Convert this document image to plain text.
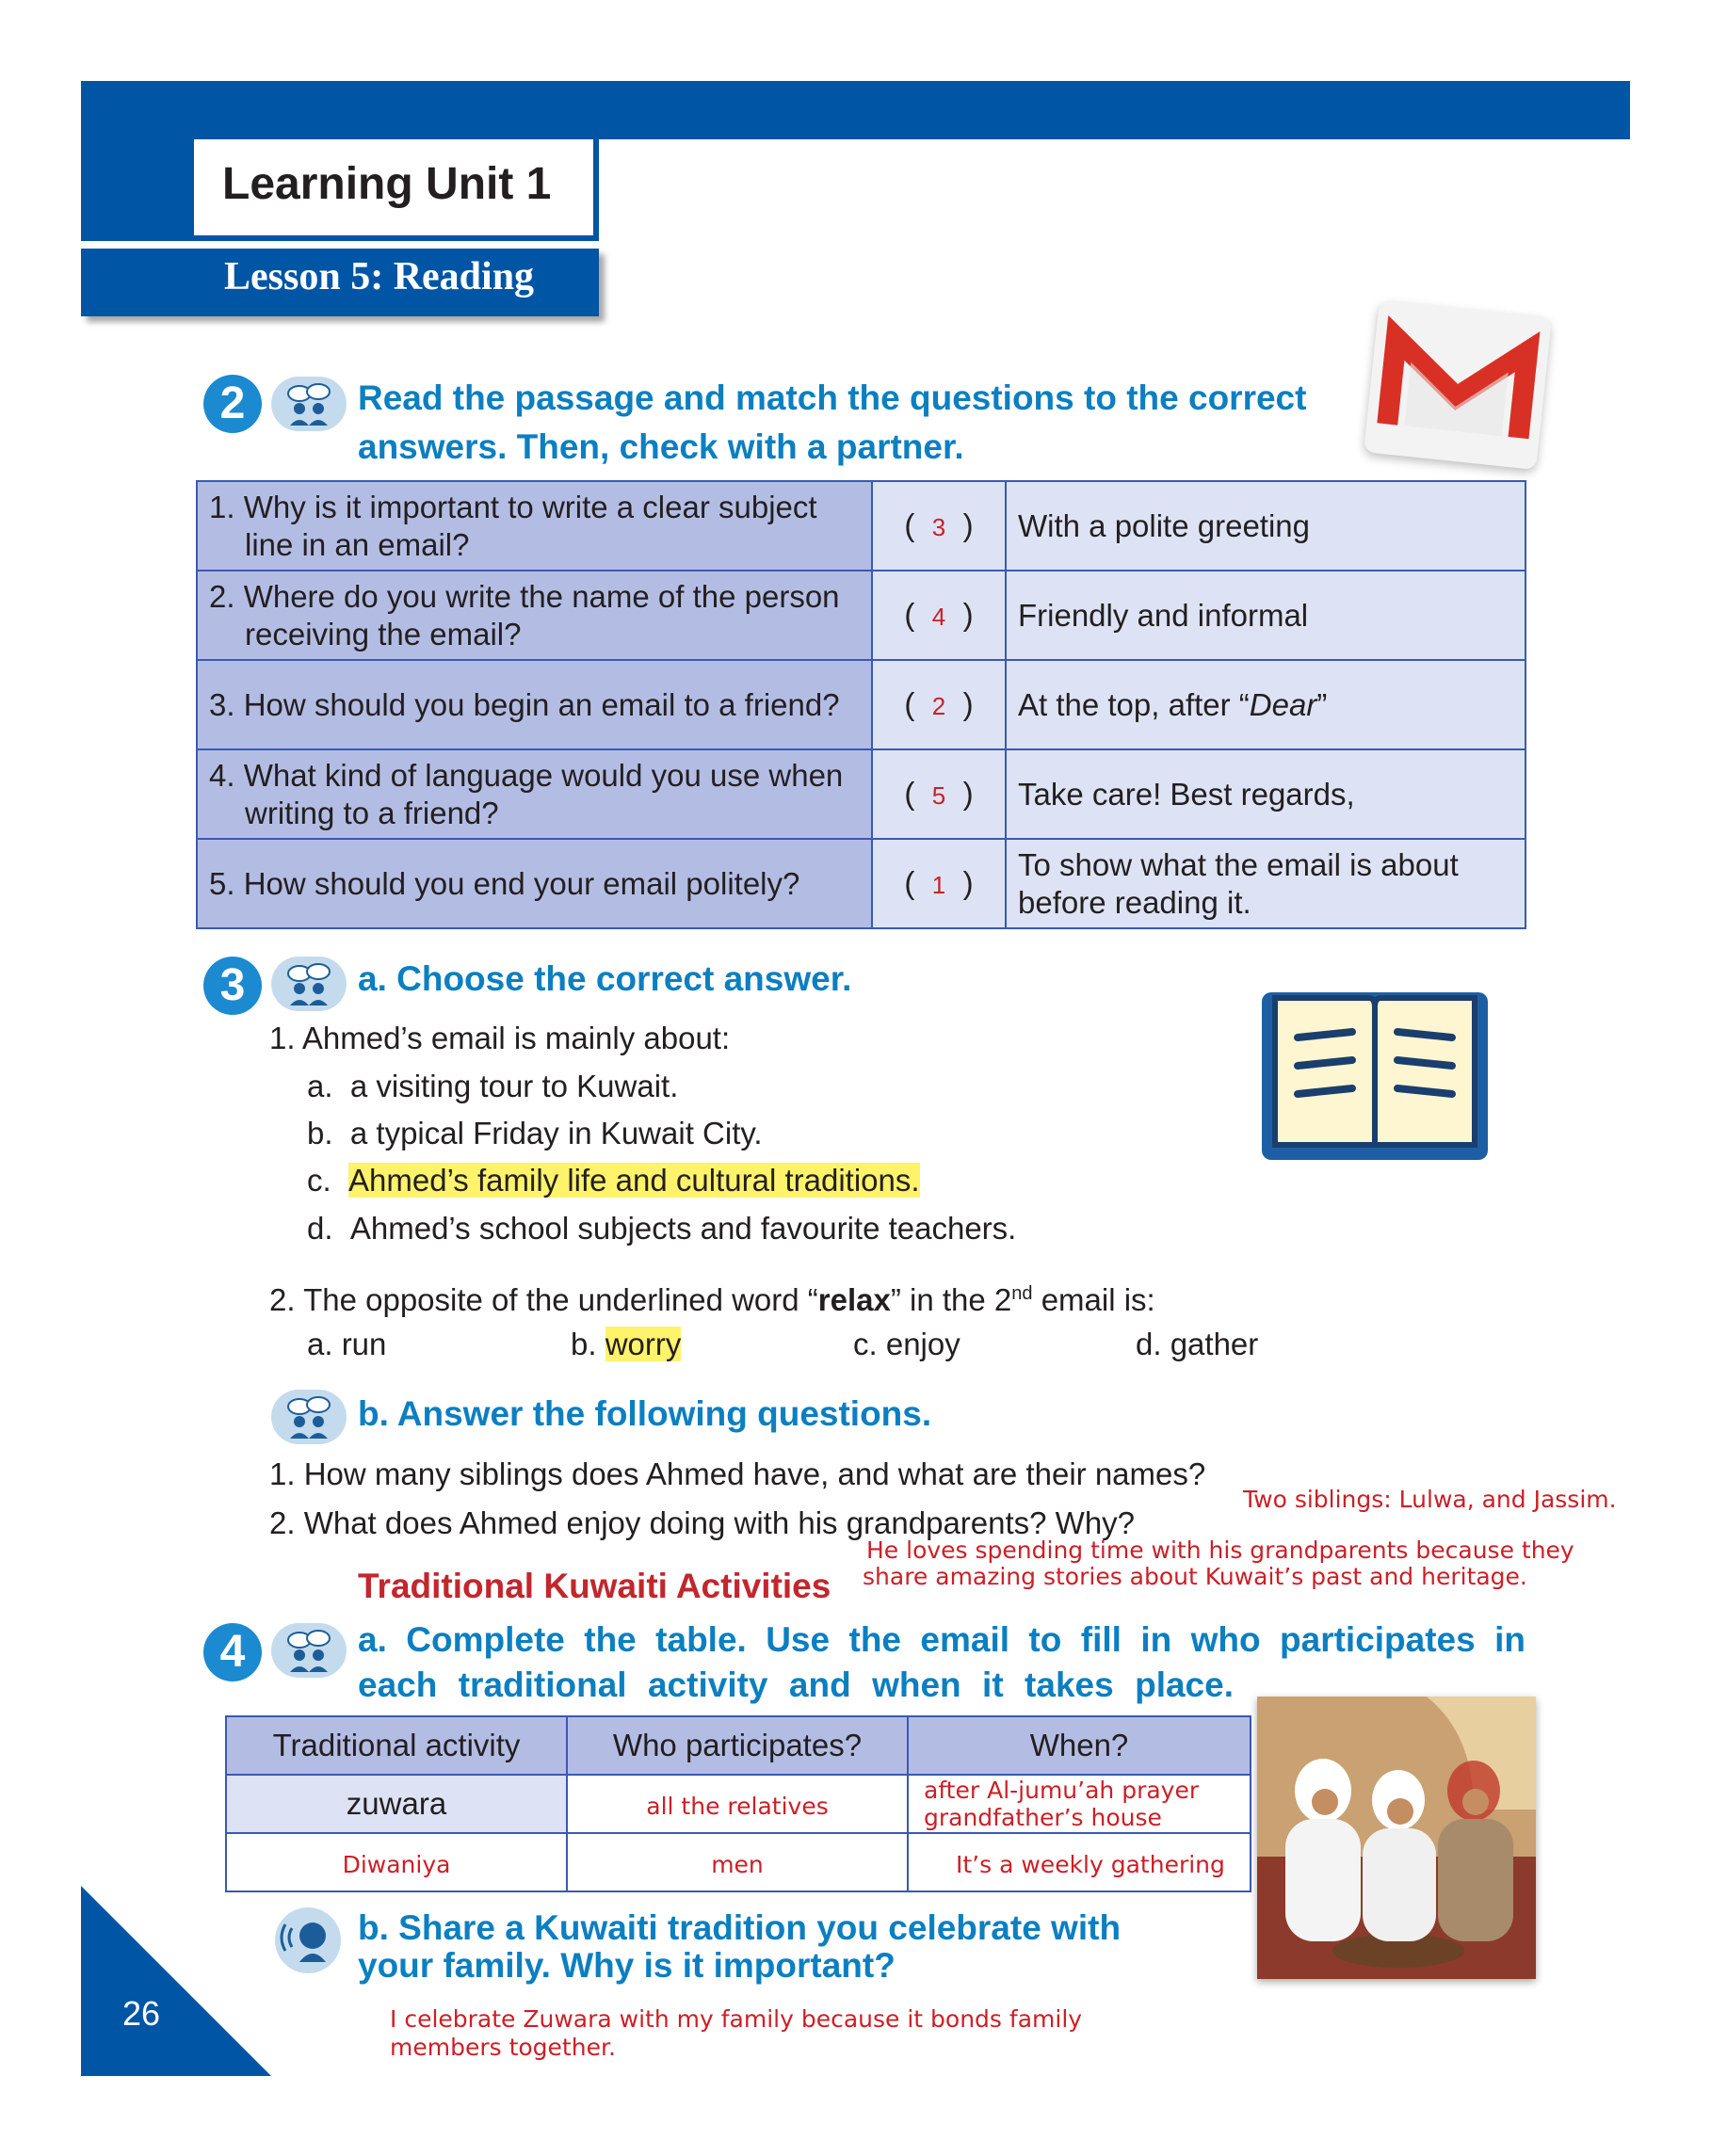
Learning Unit 1
Lesson 5: Reading
2	Read the passage and match the questions to the correct
answers. Then, check with a partner.
1. Why is it important to write a clear subject line in an email?	( 3 )	With a polite greeting

2. Where do you write the name of the person receiving the email?	( 4 )	Friendly and informal

3. How should you begin an email to a friend?	( 2 )	At the top, after “Dear”

4. What kind of language would you use when writing to a friend?	( 5 )	Take care! Best regards,

5. How should you end your email politely?	( 1 )	To show what the email is about before reading it.
3	a. Choose the correct answer.
1. Ahmed’s email is mainly about:
a. a visiting tour to Kuwait.
b. a typical Friday in Kuwait City.
c. Ahmed’s family life and cultural traditions.
d. Ahmed’s school subjects and favourite teachers.
2. The opposite of the underlined word “relax” in the 2nd email is:
a. run	b. worry	c. enjoy	d. gather
b. Answer the following questions.
1. How many siblings does Ahmed have, and what are their names?
Two siblings: Lulwa, and Jassim.
2. What does Ahmed enjoy doing with his grandparents? Why?
He loves spending time with his grandparents because they
share amazing stories about Kuwait’s past and heritage.
Traditional Kuwaiti Activities
4	a. Complete the table. Use the email to fill in who participates in
each traditional activity and when it takes place.
Traditional activity	Who participates?	When?
zuwara	all the relatives	after Al-jumu’ah prayer
grandfather’s house

Diwaniya	men	It’s a weekly gathering
b. Share a Kuwaiti tradition you celebrate with
your family. Why is it important?
I celebrate Zuwara with my family because it bonds family
members together.
26
